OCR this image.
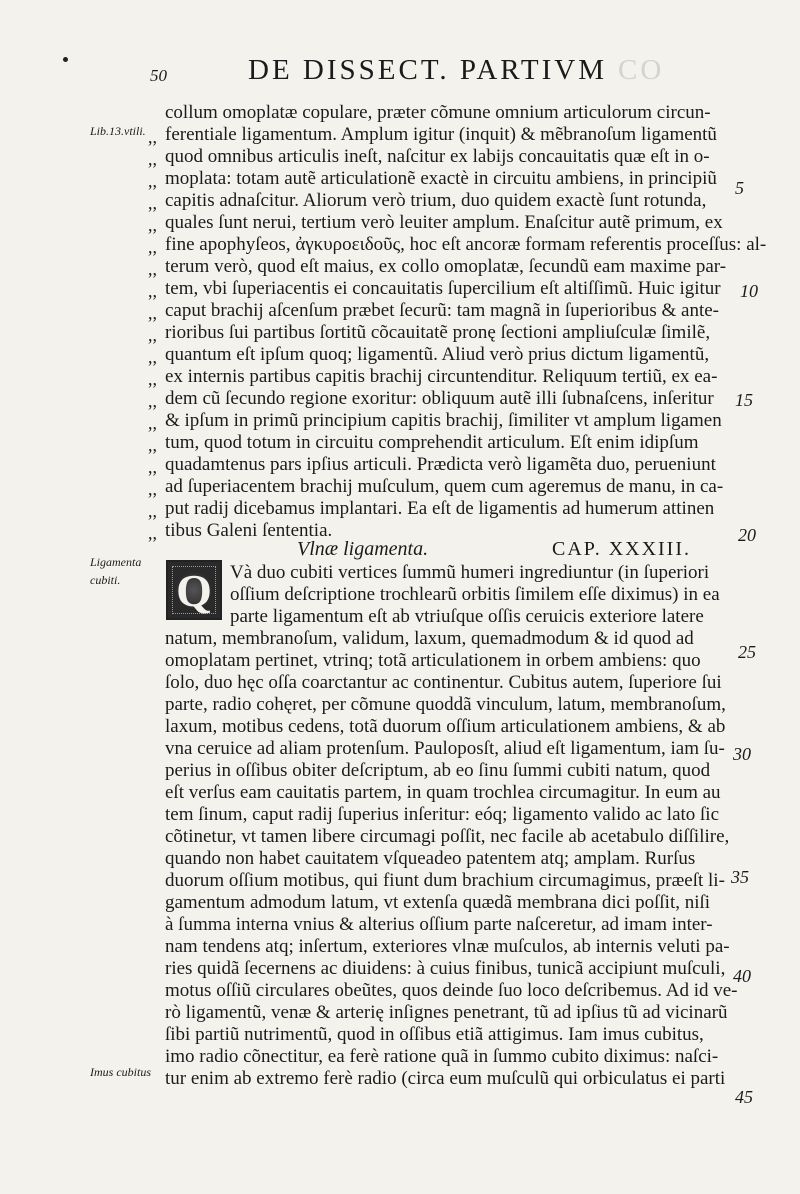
50	DE DISSECT. PARTIVM CO
Lib.13.vtili.
Ligamenta
cubiti.
Imus cubitus
,,
,,
,,
,,
,,
,,
,,
,,
,,
,,
,,
,,
,,
,,
,,
,,
,,
,,
,,
collum omoplatæ copulare, præter cõmune omnium articulorum circun-
ferentiale ligamentum. Amplum igitur (inquit) & mẽbranoſum ligamentũ
quod omnibus articulis ineſt, naſcitur ex labijs concauitatis quæ eſt in o-
moplata: totam autẽ articulationẽ exactè in circuitu ambiens, in principiũ
capitis adnaſcitur. Aliorum verò trium, duo quidem exactè ſunt rotunda,
quales ſunt nerui, tertium verò leuiter amplum. Enaſcitur autẽ primum, ex
fine apophyſeos, ἀγκυροειδοῦς, hoc eſt ancoræ formam referentis proceſſus: al-
terum verò, quod eſt maius, ex collo omoplatæ, ſecundũ eam maxime par-
tem, vbi ſuperiacentis ei concauitatis ſupercilium eſt altiſſimũ. Huic igitur
caput brachij aſcenſum præbet ſecurũ: tam magnã in ſuperioribus & ante-
rioribus ſui partibus ſortitũ cõcauitatẽ pronę ſectioni ampliuſculæ ſimilẽ,
quantum eſt ipſum quoq; ligamentũ. Aliud verò prius dictum ligamentũ,
ex internis partibus capitis brachij circuntenditur. Reliquum tertiũ, ex ea-
dem cũ ſecundo regione exoritur: obliquum autẽ illi ſubnaſcens, inſeritur
& ipſum in primũ principium capitis brachij, ſimiliter vt amplum ligamen
tum, quod totum in circuitu comprehendit articulum. Eſt enim idipſum
quadamtenus pars ipſius articuli. Prædicta verò ligamẽta duo, perueniunt
ad ſuperiacentem brachij muſculum, quem cum ageremus de manu, in ca-
put radij dicebamus implantari. Ea eſt de ligamentis ad humerum attinen
tibus Galeni ſententia.
Vlnæ ligamenta.	CAP. XXXIII.
Q Và duo cubiti vertices ſummũ humeri ingrediuntur (in ſuperiori
oſſium deſcriptione trochlearũ orbitis ſimilem eſſe diximus) in ea
parte ligamentum eſt ab vtriuſque oſſis ceruicis exteriore latere
natum, membranoſum, validum, laxum, quemadmodum & id quod ad
omoplatam pertinet, vtrinq; totã articulationem in orbem ambiens: quo
ſolo, duo hęc oſſa coarctantur ac continentur. Cubitus autem, ſuperiore ſui
parte, radio cohęret, per cõmune quoddã vinculum, latum, membranoſum,
laxum, motibus cedens, totã duorum oſſium articulationem ambiens, & ab
vna ceruice ad aliam protenſum. Pauloposſt, aliud eſt ligamentum, iam ſu-
perius in oſſibus obiter deſcriptum, ab eo ſinu ſummi cubiti natum, quod
eſt verſus eam cauitatis partem, in quam trochlea circumagitur. In eum au
tem ſinum, caput radij ſuperius inſeritur: eóq; ligamento valido ac lato ſic
cõtinetur, vt tamen libere circumagi poſſit, nec facile ab acetabulo diſſilire,
quando non habet cauitatem vſqueadeo patentem atq; amplam. Rurſus
duorum oſſium motibus, qui fiunt dum brachium circumagimus, præeſt li-
gamentum admodum latum, vt extenſa quædã membrana dici poſſit, niſi
à ſumma interna vnius & alterius oſſium parte naſceretur, ad imam inter-
nam tendens atq; inſertum, exteriores vlnæ muſculos, ab internis veluti pa-
ries quidã ſecernens ac diuidens: à cuius finibus, tunicã accipiunt muſculi,
motus oſſiũ circulares obeũtes, quos deinde ſuo loco deſcribemus. Ad id ve-
rò ligamentũ, venæ & arterię inſignes penetrant, tũ ad ipſius tũ ad vicinarũ
ſibi partiũ nutrimentũ, quod in oſſibus etiã attigimus. Iam imus cubitus,
imo radio cõnectitur, ea ferè ratione quã in ſummo cubito diximus: naſci-
tur enim ab extremo ferè radio (circa eum muſculũ qui orbiculatus ei parti
5
10
15
20
25
30
35
40
45
